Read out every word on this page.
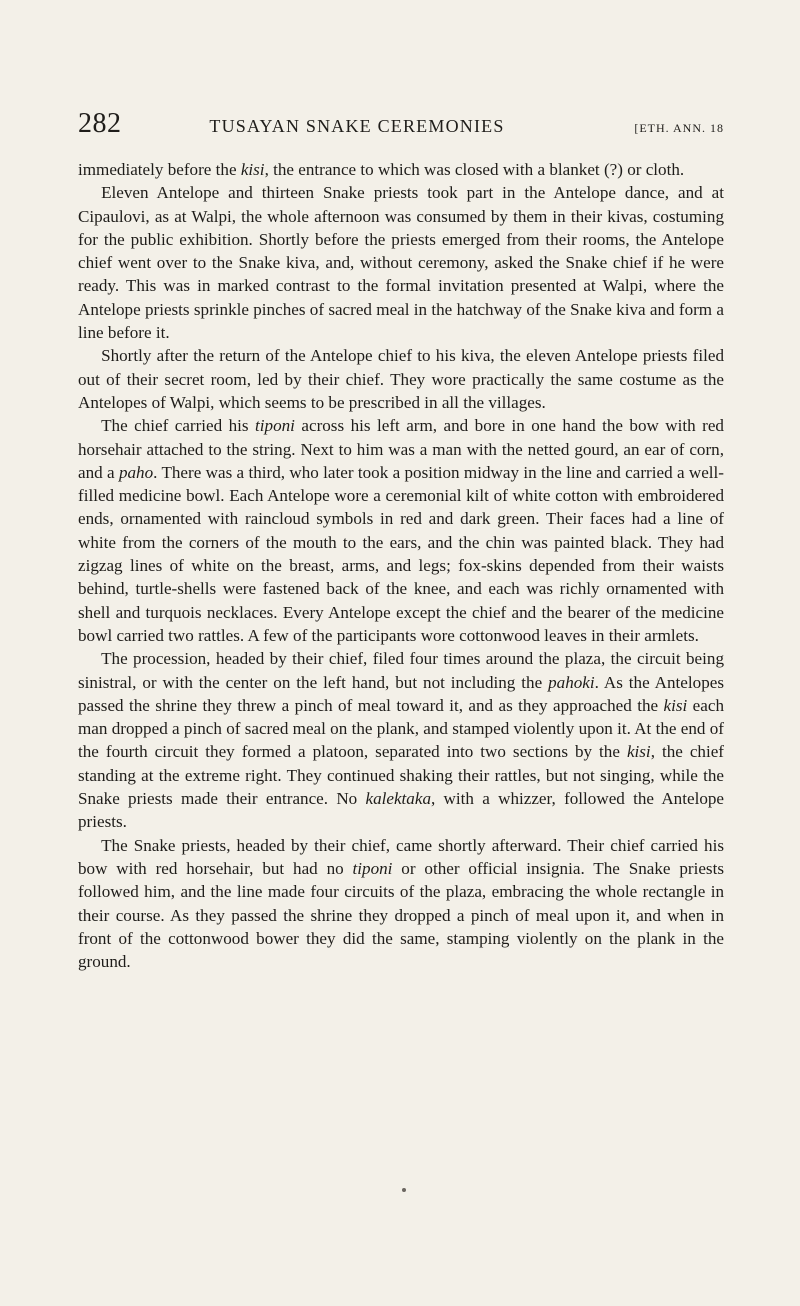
282	TUSAYAN SNAKE CEREMONIES	[ETH. ANN. 18

immediately before the kisi, the entrance to which was closed with a blanket (?) or cloth.

Eleven Antelope and thirteen Snake priests took part in the Antelope dance, and at Cipaulovi, as at Walpi, the whole afternoon was consumed by them in their kivas, costuming for the public exhibition. Shortly before the priests emerged from their rooms, the Antelope chief went over to the Snake kiva, and, without ceremony, asked the Snake chief if he were ready. This was in marked contrast to the formal invitation presented at Walpi, where the Antelope priests sprinkle pinches of sacred meal in the hatchway of the Snake kiva and form a line before it.

Shortly after the return of the Antelope chief to his kiva, the eleven Antelope priests filed out of their secret room, led by their chief. They wore practically the same costume as the Antelopes of Walpi, which seems to be prescribed in all the villages.

The chief carried his tiponi across his left arm, and bore in one hand the bow with red horsehair attached to the string. Next to him was a man with the netted gourd, an ear of corn, and a paho. There was a third, who later took a position midway in the line and carried a well-filled medicine bowl. Each Antelope wore a ceremonial kilt of white cotton with embroidered ends, ornamented with raincloud symbols in red and dark green. Their faces had a line of white from the corners of the mouth to the ears, and the chin was painted black. They had zigzag lines of white on the breast, arms, and legs; fox-skins depended from their waists behind, turtle-shells were fastened back of the knee, and each was richly ornamented with shell and turquois necklaces. Every Antelope except the chief and the bearer of the medicine bowl carried two rattles. A few of the participants wore cottonwood leaves in their armlets.

The procession, headed by their chief, filed four times around the plaza, the circuit being sinistral, or with the center on the left hand, but not including the pahoki. As the Antelopes passed the shrine they threw a pinch of meal toward it, and as they approached the kisi each man dropped a pinch of sacred meal on the plank, and stamped violently upon it. At the end of the fourth circuit they formed a platoon, separated into two sections by the kisi, the chief standing at the extreme right. They continued shaking their rattles, but not singing, while the Snake priests made their entrance. No kalektaka, with a whizzer, followed the Antelope priests.

The Snake priests, headed by their chief, came shortly afterward. Their chief carried his bow with red horsehair, but had no tiponi or other official insignia. The Snake priests followed him, and the line made four circuits of the plaza, embracing the whole rectangle in their course. As they passed the shrine they dropped a pinch of meal upon it, and when in front of the cottonwood bower they did the same, stamping violently on the plank in the ground.
